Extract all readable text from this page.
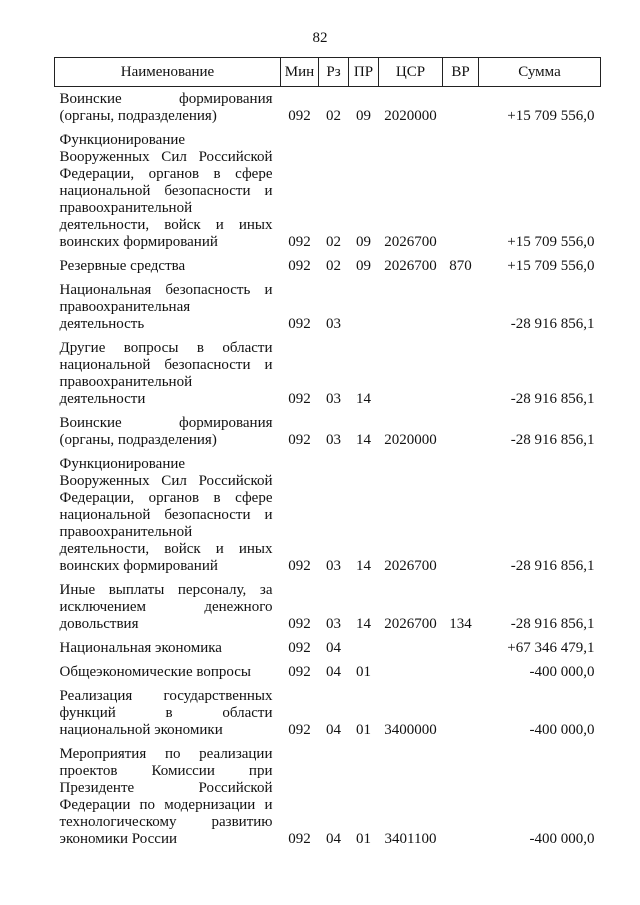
82
Наименование	Мин	Рз	ПР	ЦСР	ВР	Сумма
Воинские формирования (органы, подразделения)	092	02	09	2020000		+15 709 556,0
Функционирование Вооруженных Сил Российской Федерации, органов в сфере национальной безопасности и правоохранительной деятельности, войск и иных воинских формирований	092	02	09	2026700		+15 709 556,0
Резервные средства	092	02	09	2026700	870	+15 709 556,0
Национальная безопасность и правоохранительная деятельность	092	03				-28 916 856,1
Другие вопросы в области национальной безопасности и правоохранительной деятельности	092	03	14			-28 916 856,1
Воинские формирования (органы, подразделения)	092	03	14	2020000		-28 916 856,1
Функционирование Вооруженных Сил Российской Федерации, органов в сфере национальной безопасности и правоохранительной деятельности, войск и иных воинских формирований	092	03	14	2026700		-28 916 856,1
Иные выплаты персоналу, за исключением денежного довольствия	092	03	14	2026700	134	-28 916 856,1
Национальная экономика	092	04				+67 346 479,1
Общеэкономические вопросы	092	04	01			-400 000,0
Реализация государственных функций в области национальной экономики	092	04	01	3400000		-400 000,0
Мероприятия по реализации проектов Комиссии при Президенте Российской Федерации по модернизации и технологическому развитию экономики России	092	04	01	3401100		-400 000,0
